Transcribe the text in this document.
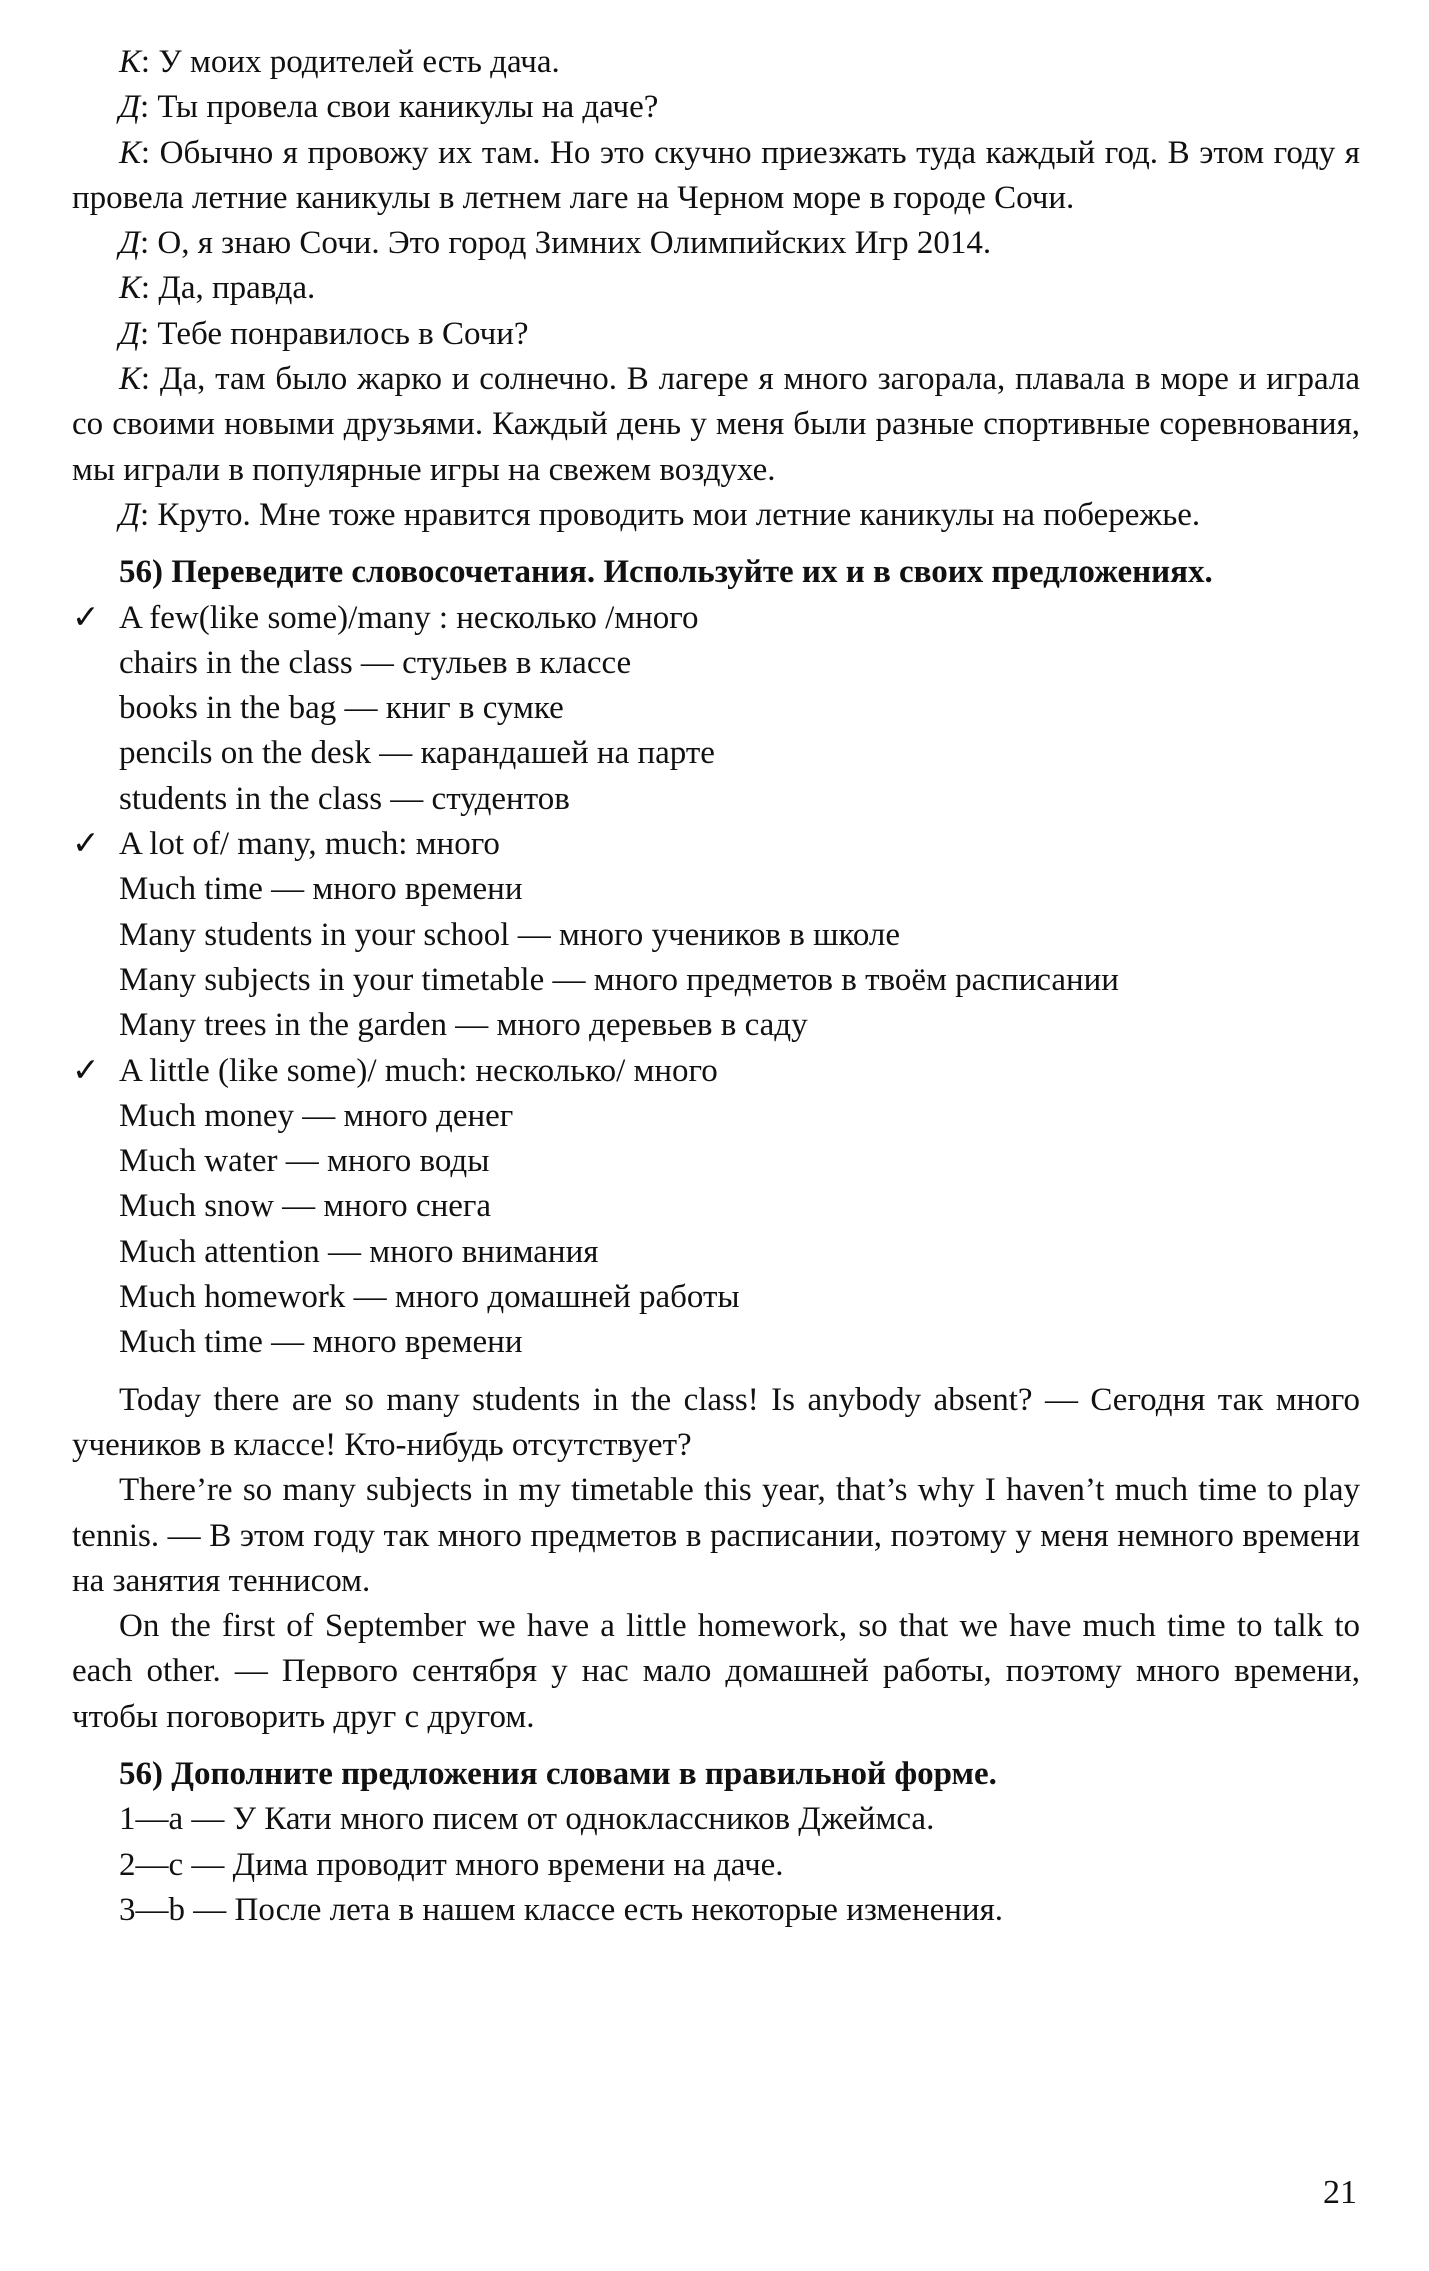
К: У моих родителей есть дача.

Д: Ты провела свои каникулы на даче?

К: Обычно я провожу их там. Но это скучно приезжать туда каждый год. В этом году я провела летние каникулы в летнем лаге на Черном море в городе Сочи.

Д: О, я знаю Сочи. Это город Зимних Олимпийских Игр 2014.

К: Да, правда.

Д: Тебе понравилось в Сочи?

К: Да, там было жарко и солнечно. В лагере я много загорала, плавала в море и играла со своими новыми друзьями. Каждый день у меня были разные спортивные соревнования, мы играли в популярные игры на свежем воздухе.

Д: Круто. Мне тоже нравится проводить мои летние каникулы на побережье.

56) Переведите словосочетания. Используйте их и в своих предложениях.

✓ A few(like some)/many : несколько /много
chairs in the class — стульев в классе
books in the bag — книг в сумке
pencils on the desk — карандашей на парте
students in the class — студентов
✓ A lot of/ many, much: много
Much time — много времени
Many students in your school — много учеников в школе
Many subjects in your timetable — много предметов в твоём расписании
Many trees in the garden — много деревьев в саду
✓ A little (like some)/ much: несколько/ много
Much money — много денег
Much water — много воды
Much snow — много снега
Much attention — много внимания
Much homework — много домашней работы
Much time — много времени

Today there are so many students in the class! Is anybody absent? — Сегодня так много учеников в классе! Кто-нибудь отсутствует?

There’re so many subjects in my timetable this year, that’s why I haven’t much time to play tennis. — В этом году так много предметов в расписании, поэтому у меня немного времени на занятия теннисом.

On the first of September we have a little homework, so that we have much time to talk to each other. — Первого сентября у нас мало домашней работы, поэтому много времени, чтобы поговорить друг с другом.

56) Дополните предложения словами в правильной форме.

1—a — У Кати много писем от одноклассников Джеймса.

2—c — Дима проводит много времени на даче.

3—b — После лета в нашем классе есть некоторые изменения.

21
